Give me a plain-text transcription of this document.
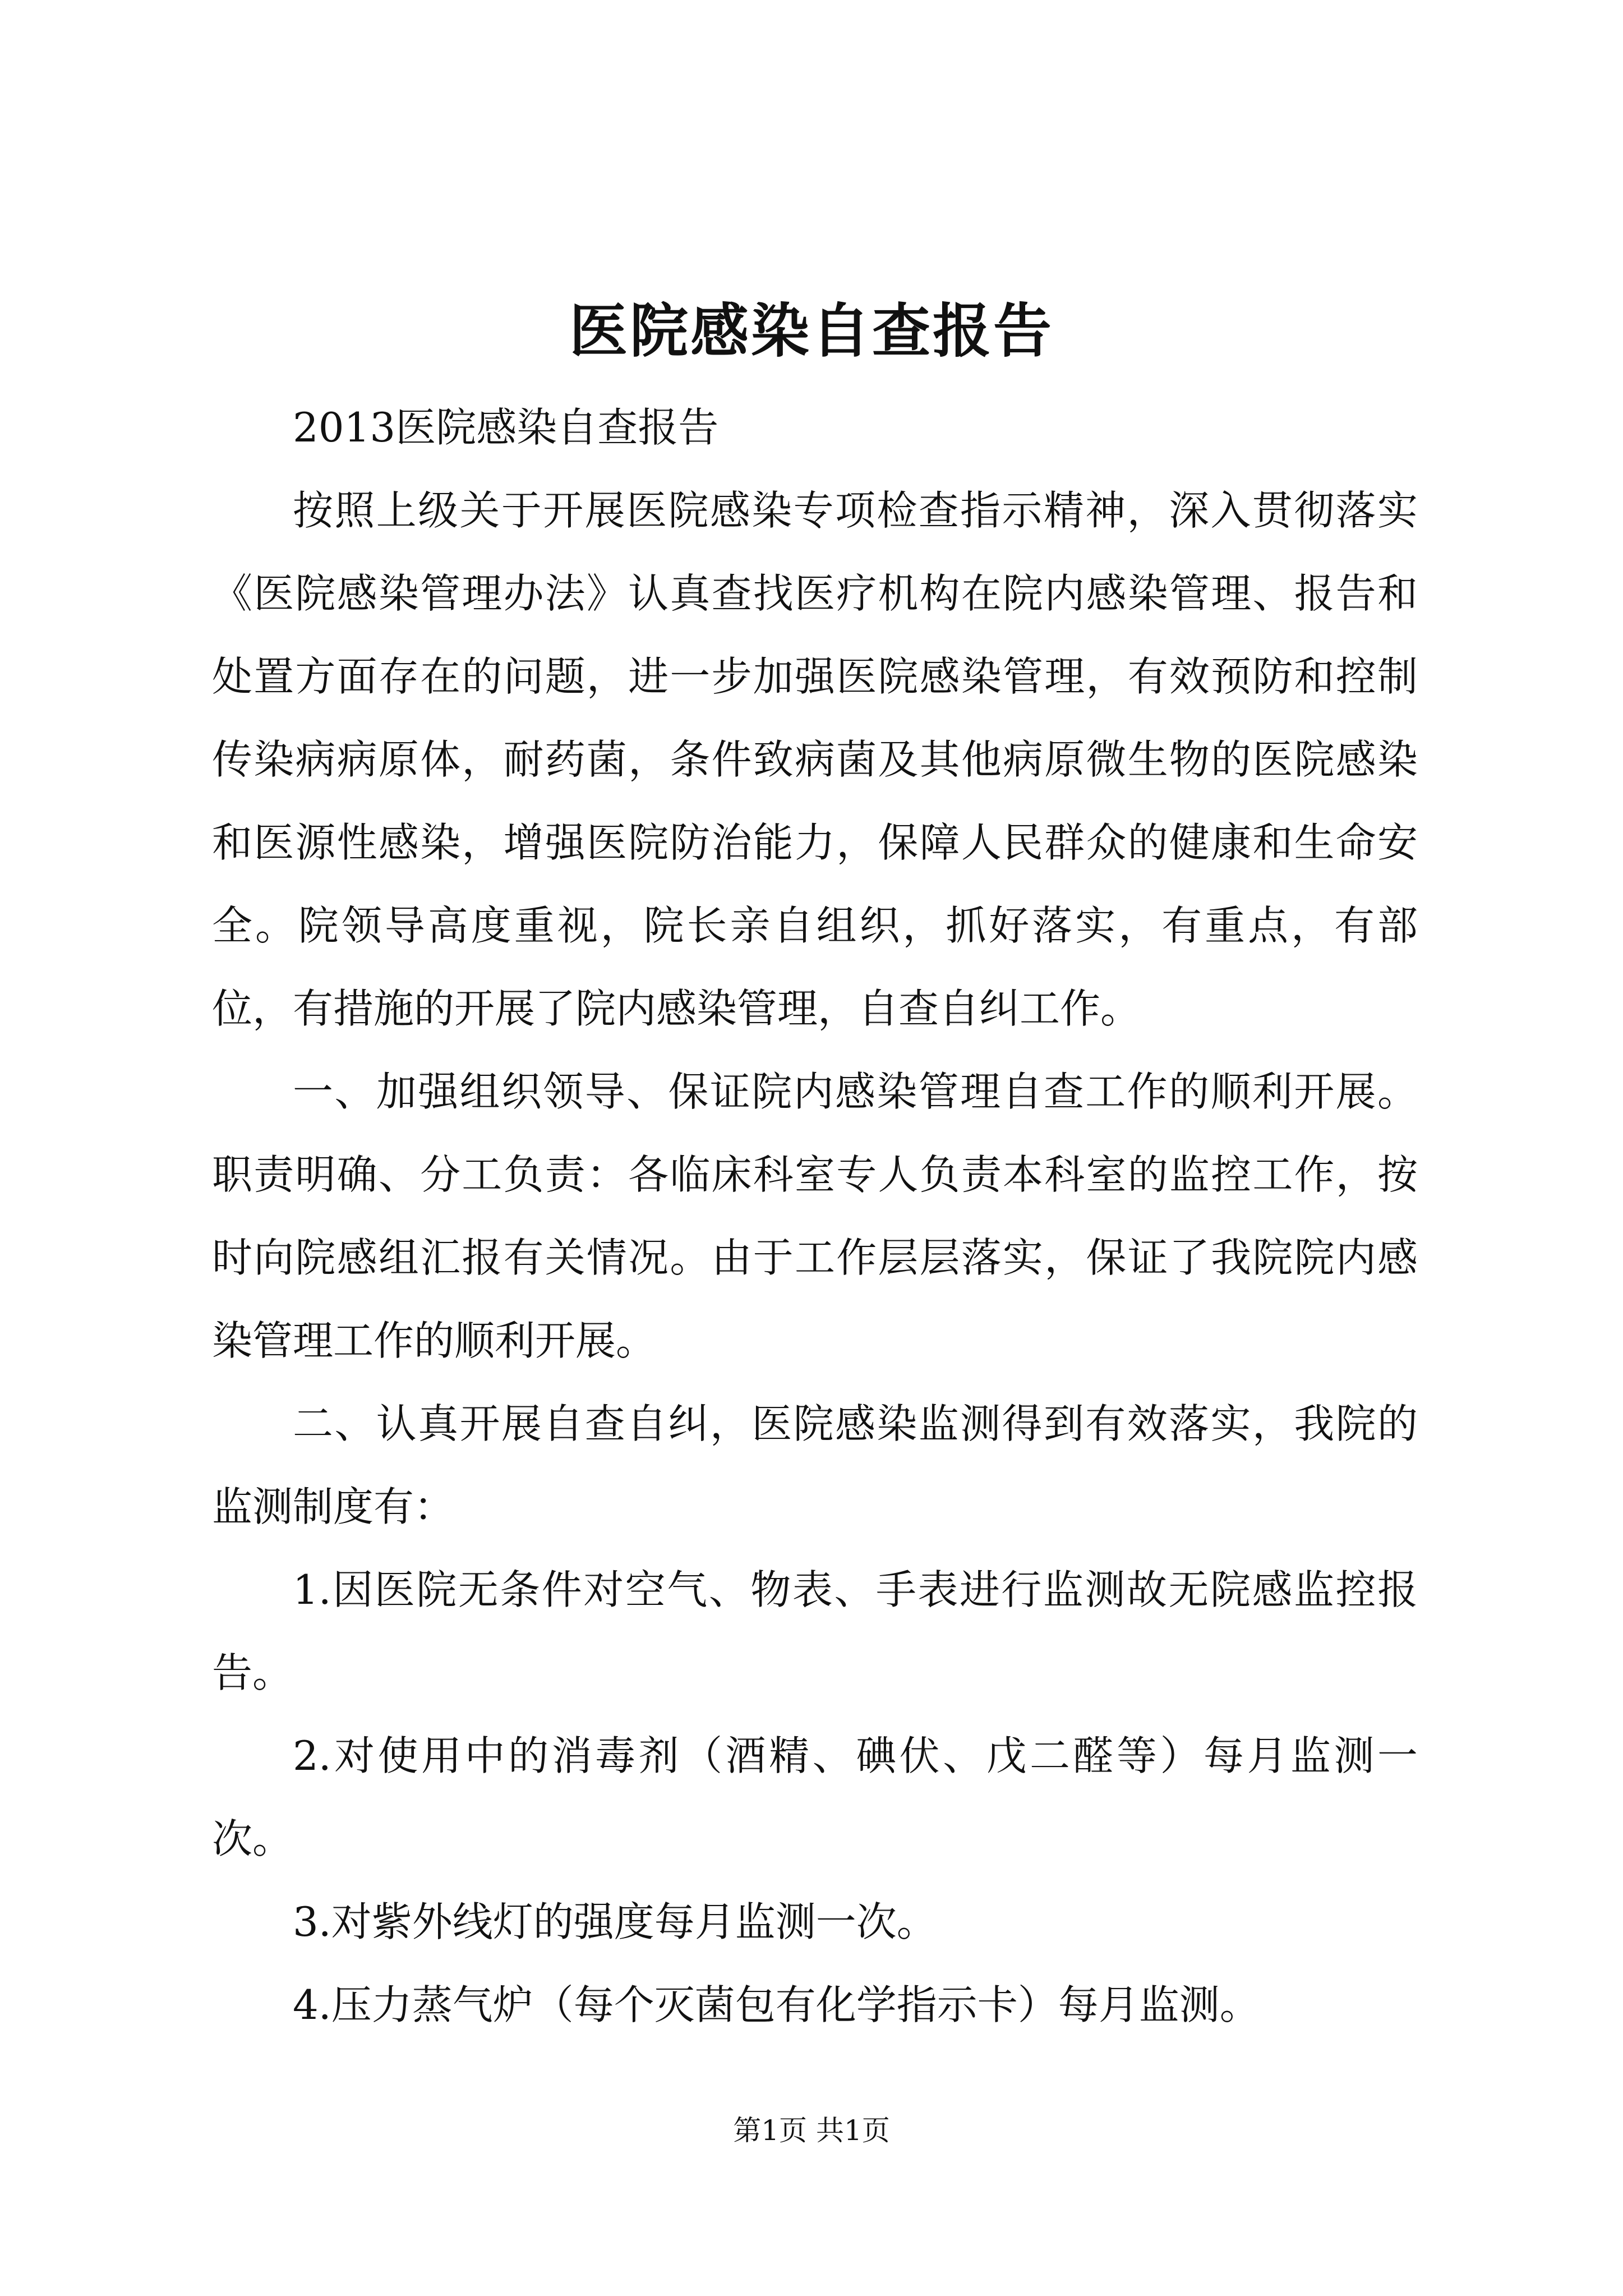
医院感染自查报告

2013医院感染自查报告

按照上级关于开展医院感染专项检查指示精神，深入贯彻落实《医院感染管理办法》认真查找医疗机构在院内感染管理、报告和处置方面存在的问题，进一步加强医院感染管理，有效预防和控制传染病病原体，耐药菌，条件致病菌及其他病原微生物的医院感染和医源性感染，增强医院防治能力，保障人民群众的健康和生命安全。院领导高度重视，院长亲自组织，抓好落实，有重点，有部位，有措施的开展了院内感染管理，自查自纠工作。

一、加强组织领导、保证院内感染管理自查工作的顺利开展。职责明确、分工负责：各临床科室专人负责本科室的监控工作，按时向院感组汇报有关情况。由于工作层层落实，保证了我院院内感染管理工作的顺利开展。

二、认真开展自查自纠，医院感染监测得到有效落实，我院的监测制度有：

1.因医院无条件对空气、物表、手表进行监测故无院感监控报告。

2.对使用中的消毒剂（酒精、碘伏、戊二醛等）每月监测一次。

3.对紫外线灯的强度每月监测一次。

4.压力蒸气炉（每个灭菌包有化学指示卡）每月监测。

第1页 共1页
